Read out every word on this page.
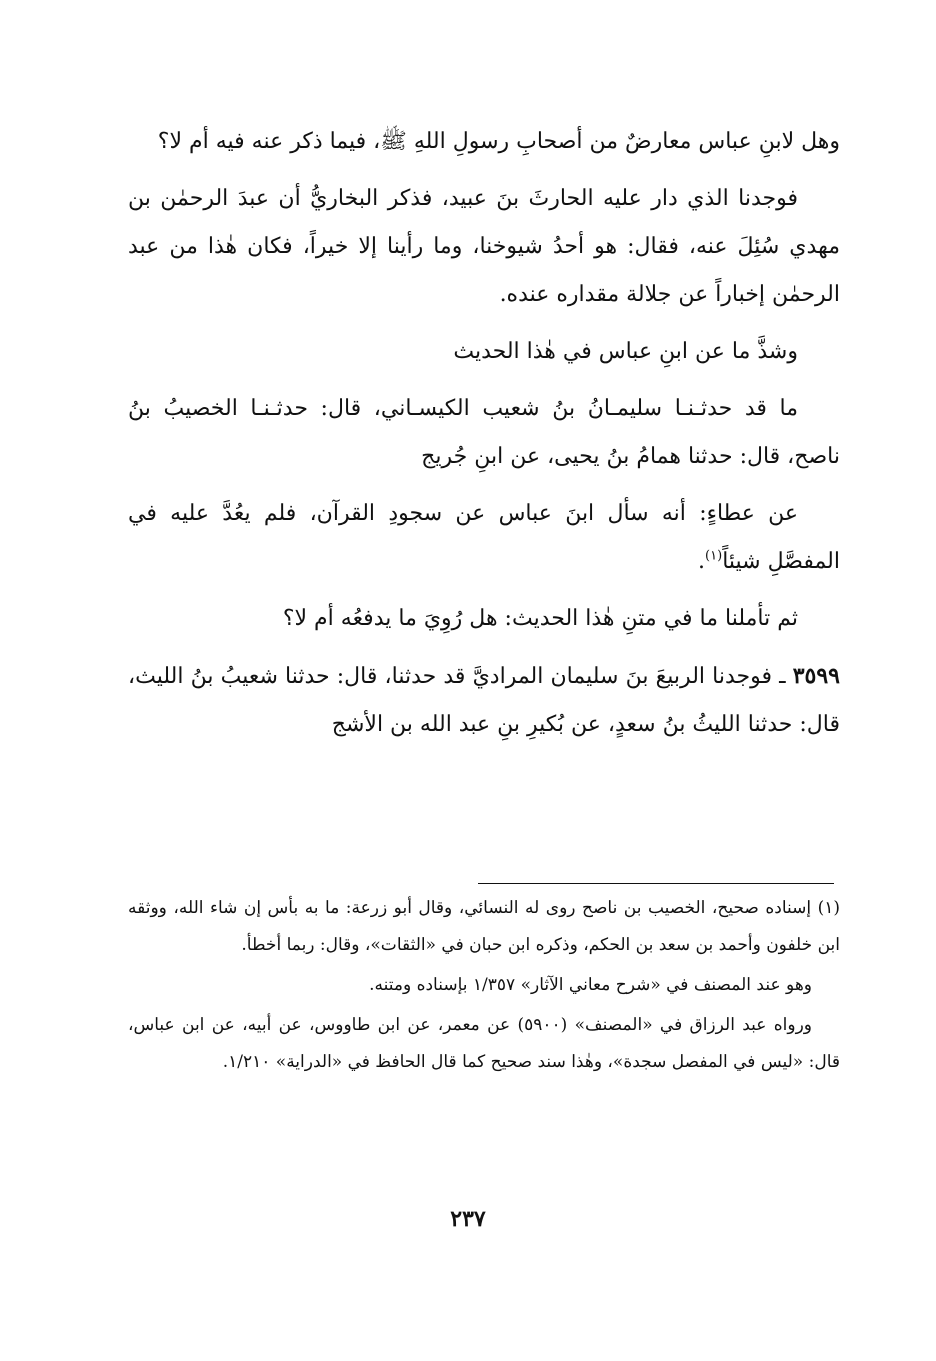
وهل لابنِ عباس معارضٌ من أصحابِ رسولِ اللهِ ﷺ، فيما ذكر عنه فيه أم لا؟

فوجدنا الذي دار عليه الحارثَ بنَ عبيد، فذكر البخاريُّ أن عبدَ الرحمٰن بن مهدي سُئِلَ عنه، فقال: هو أحدُ شيوخنا، وما رأينا إلا خيراً، فكان هٰذا من عبد الرحمٰن إخباراً عن جلالة مقداره عنده.

وشذَّ ما عن ابنِ عباس في هٰذا الحديث

ما قد حدثـنـا سليمـانُ بنُ شعيب الكيسـاني، قال: حدثـنـا الخصيبُ بنُ ناصح، قال: حدثنا همامُ بنُ يحيى، عن ابنِ جُريج

عن عطاءٍ: أنه سأل ابنَ عباس عن سجودِ القرآن، فلم يعُدَّ عليه في المفصَّلِ شيئاً$^{(١)}$.

ثم تأملنا ما في متنِ هٰذا الحديث: هل رُوِيَ ما يدفعُه أم لا؟

٣٥٩٩ ـ فوجدنا الربيعَ بنَ سليمان المراديَّ قد حدثنا، قال: حدثنا شعيبُ بنُ الليث، قال: حدثنا الليثُ بنُ سعدٍ، عن بُكيرِ بنِ عبد الله بن الأشج

(١) إسناده صحيح، الخصيب بن ناصح روى له النسائي، وقال أبو زرعة: ما به بأس إن شاء الله، ووثقه ابن خلفون وأحمد بن سعد بن الحكم، وذكره ابن حبان في «الثقات»، وقال: ربما أخطأ.

وهو عند المصنف في «شرح معاني الآثار» ١/٣٥٧ بإسناده ومتنه.

ورواه عبد الرزاق في «المصنف» (٥٩٠٠) عن معمر، عن ابن طاووس، عن أبيه، عن ابن عباس، قال: «ليس في المفصل سجدة»، وهٰذا سند صحيح كما قال الحافظ في «الدراية» ١/٢١٠.

٢٣٧
